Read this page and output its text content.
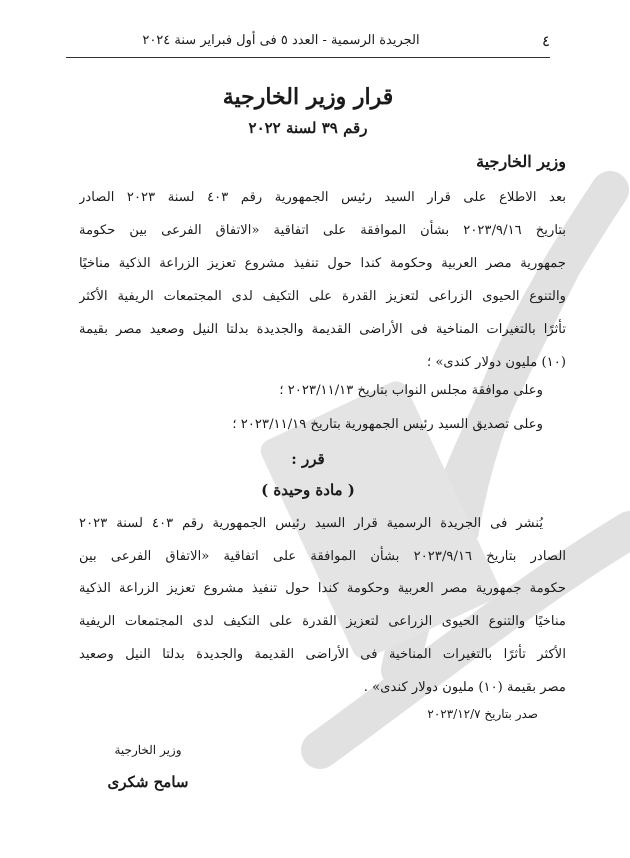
٤
الجريدة الرسمية - العدد ٥ فى أول فبراير سنة ٢٠٢٤
قرار وزير الخارجية
رقم ٣٩ لسنة ٢٠٢٢
وزير الخارجية
بعد الاطلاع على قرار السيد رئيس الجمهورية رقم ٤٠٣ لسنة ٢٠٢٣ الصادر
بتاريخ ٢٠٢٣/٩/١٦ بشأن الموافقة على اتفاقية «الاتفاق الفرعى بين حكومة
جمهورية مصر العربية وحكومة كندا حول تنفيذ مشروع تعزيز الزراعة الذكية مناخيًا
والتنوع الحيوى الزراعى لتعزيز القدرة على التكيف لدى المجتمعات الريفية الأكثر
تأثرًا بالتغيرات المناخية فى الأراضى القديمة والجديدة بدلتا النيل وصعيد مصر بقيمة
(١٠) مليون دولار كندى» ؛
وعلى موافقة مجلس النواب بتاريخ ٢٠٢٣/١١/١٣ ؛
وعلى تصديق السيد رئيس الجمهورية بتاريخ ٢٠٢٣/١١/١٩ ؛
قرر :
( مادة وحيدة )
يُنشر فى الجريدة الرسمية قرار السيد رئيس الجمهورية رقم ٤٠٣ لسنة ٢٠٢٣
الصادر بتاريخ ٢٠٢٣/٩/١٦ بشأن الموافقة على اتفاقية «الاتفاق الفرعى بين
حكومة جمهورية مصر العربية وحكومة كندا حول تنفيذ مشروع تعزيز الزراعة الذكية
مناخيًا والتنوع الحيوى الزراعى لتعزيز القدرة على التكيف لدى المجتمعات الريفية
الأكثر تأثرًا بالتغيرات المناخية فى الأراضى القديمة والجديدة بدلتا النيل وصعيد
مصر بقيمة (١٠) مليون دولار كندى» .
صدر بتاريخ ٢٠٢٣/١٢/٧
وزير الخارجية
سامح شكرى
